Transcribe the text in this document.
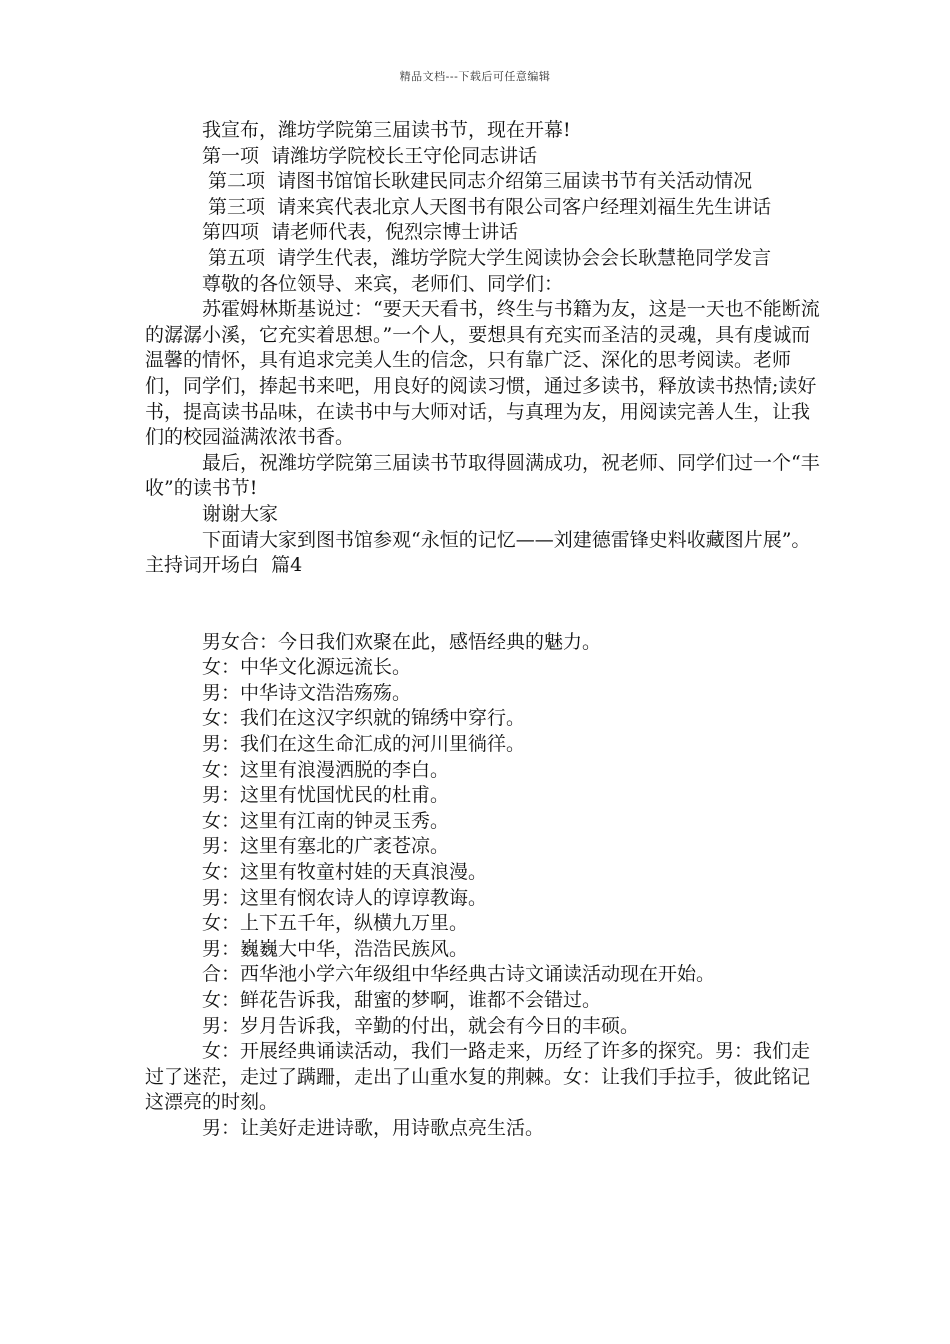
精品文档---下载后可任意编辑

我宣布，潍坊学院第三届读书节，现在开幕!

第一项  请潍坊学院校长王守伦同志讲话

第二项  请图书馆馆长耿建民同志介绍第三届读书节有关活动情况

第三项  请来宾代表北京人天图书有限公司客户经理刘福生先生讲话

第四项  请老师代表，倪烈宗博士讲话

第五项  请学生代表，潍坊学院大学生阅读协会会长耿慧艳同学发言

尊敬的各位领导、来宾，老师们、同学们：

苏霍姆林斯基说过：“要天天看书，终生与书籍为友，这是一天也不能断流的潺潺小溪，它充实着思想。”一个人，要想具有充实而圣洁的灵魂，具有虔诚而温馨的情怀，具有追求完美人生的信念，只有靠广泛、深化的思考阅读。老师们，同学们，捧起书来吧，用良好的阅读习惯，通过多读书，释放读书热情;读好书，提高读书品味，在读书中与大师对话，与真理为友，用阅读完善人生，让我们的校园溢满浓浓书香。

最后，祝潍坊学院第三届读书节取得圆满成功，祝老师、同学们过一个“丰收”的读书节!

谢谢大家

下面请大家到图书馆参观“永恒的记忆——刘建德雷锋史料收藏图片展”。主持词开场白  篇4

男女合：今日我们欢聚在此，感悟经典的魅力。

女：中华文化源远流长。

男：中华诗文浩浩殇殇。

女：我们在这汉字织就的锦绣中穿行。

男：我们在这生命汇成的河川里徜徉。

女：这里有浪漫洒脱的李白。

男：这里有忧国忧民的杜甫。

女：这里有江南的钟灵玉秀。

男：这里有塞北的广袤苍凉。

女：这里有牧童村娃的天真浪漫。

男：这里有悯农诗人的谆谆教诲。

女：上下五千年，纵横九万里。

男：巍巍大中华，浩浩民族风。

合：西华池小学六年级组中华经典古诗文诵读活动现在开始。

女：鲜花告诉我，甜蜜的梦啊，谁都不会错过。

男：岁月告诉我，辛勤的付出，就会有今日的丰硕。

女：开展经典诵读活动，我们一路走来，历经了许多的探究。男：我们走过了迷茫，走过了蹒跚，走出了山重水复的荆棘。女：让我们手拉手，彼此铭记这漂亮的时刻。

男：让美好走进诗歌，用诗歌点亮生活。
